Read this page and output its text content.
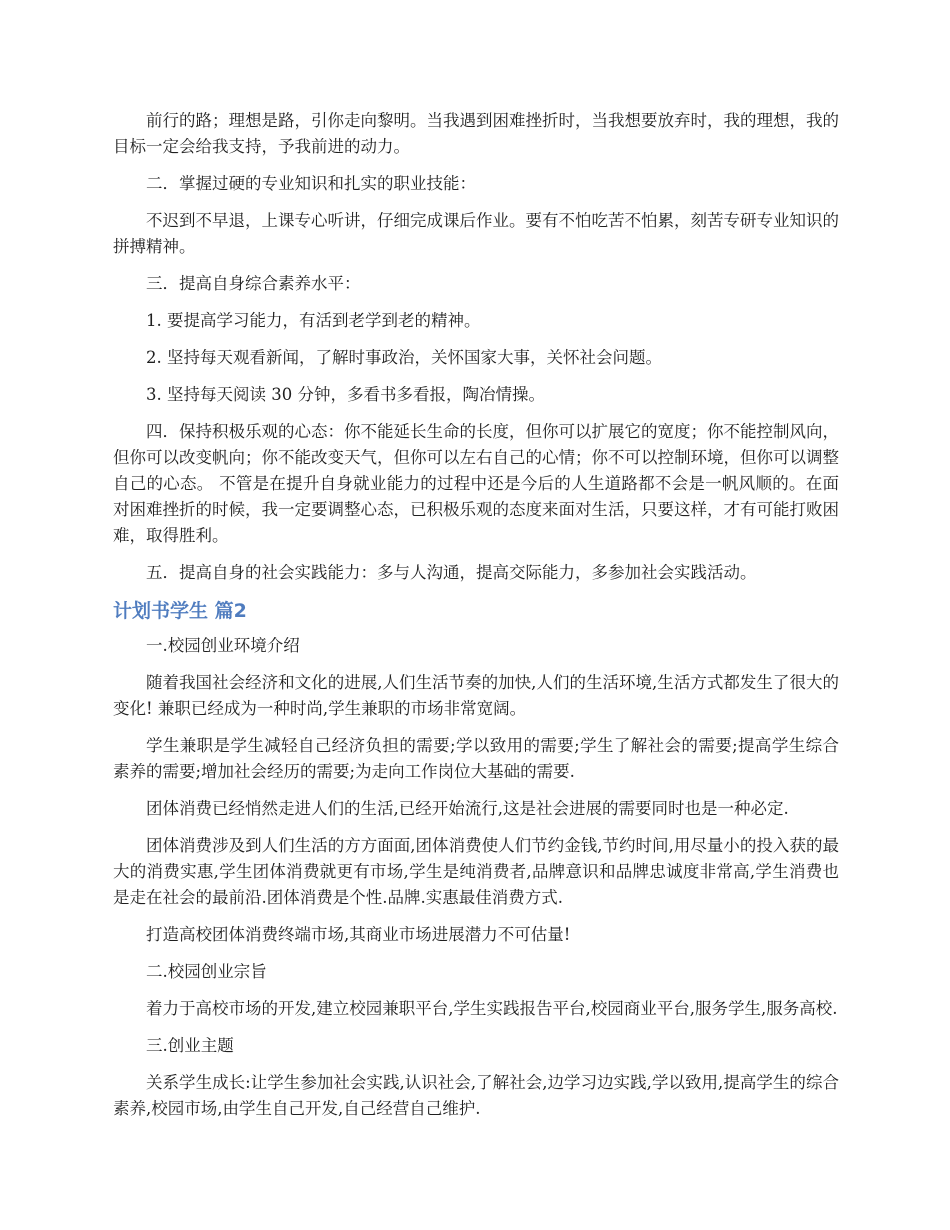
前行的路；理想是路，引你走向黎明。当我遇到困难挫折时，当我想要放弃时，我的理想，我的目标一定会给我支持，予我前进的动力。

二．掌握过硬的专业知识和扎实的职业技能：

不迟到不早退，上课专心听讲，仔细完成课后作业。要有不怕吃苦不怕累，刻苦专研专业知识的拼搏精神。

三．提高自身综合素养水平：

1. 要提高学习能力，有活到老学到老的精神。

2. 坚持每天观看新闻，了解时事政治，关怀国家大事，关怀社会问题。

3. 坚持每天阅读 30 分钟，多看书多看报，陶冶情操。

四．保持积极乐观的心态：你不能延长生命的长度，但你可以扩展它的宽度；你不能控制风向，但你可以改变帆向；你不能改变天气，但你可以左右自己的心情；你不可以控制环境，但你可以调整自己的心态。 不管是在提升自身就业能力的过程中还是今后的人生道路都不会是一帆风顺的。在面对困难挫折的时候，我一定要调整心态，已积极乐观的态度来面对生活，只要这样，才有可能打败困难，取得胜利。

五．提高自身的社会实践能力：多与人沟通，提高交际能力，多参加社会实践活动。

计划书学生 篇2

一.校园创业环境介绍

随着我国社会经济和文化的进展,人们生活节奏的加快,人们的生活环境,生活方式都发生了很大的变化! 兼职已经成为一种时尚,学生兼职的市场非常宽阔。

学生兼职是学生减轻自己经济负担的需要;学以致用的需要;学生了解社会的需要;提高学生综合素养的需要;增加社会经历的需要;为走向工作岗位大基础的需要.

团体消费已经悄然走进人们的生活,已经开始流行,这是社会进展的需要同时也是一种必定.

团体消费涉及到人们生活的方方面面,团体消费使人们节约金钱,节约时间,用尽量小的投入获的最大的消费实惠,学生团体消费就更有市场,学生是纯消费者,品牌意识和品牌忠诚度非常高,学生消费也是走在社会的最前沿.团体消费是个性.品牌.实惠最佳消费方式.

打造高校团体消费终端市场,其商业市场进展潜力不可估量!

二.校园创业宗旨

着力于高校市场的开发,建立校园兼职平台,学生实践报告平台,校园商业平台,服务学生,服务高校.

三.创业主题

关系学生成长:让学生参加社会实践,认识社会,了解社会,边学习边实践,学以致用,提高学生的综合素养,校园市场,由学生自己开发,自己经营自己维护.
